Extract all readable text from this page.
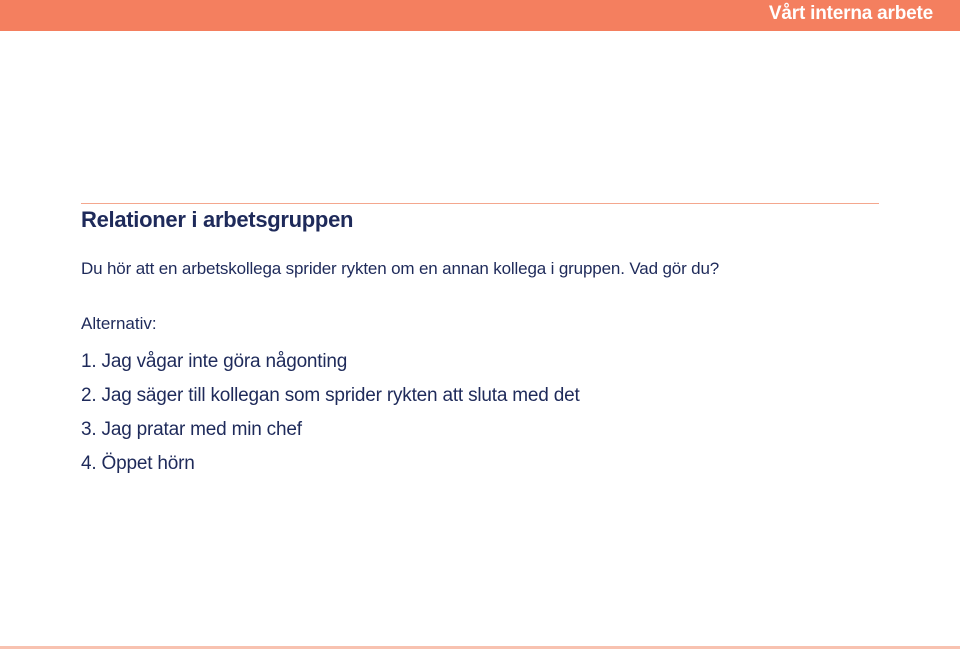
Vårt interna arbete
Relationer i arbetsgruppen
Du hör att en arbetskollega sprider rykten om en annan kollega i gruppen. Vad gör du?
Alternativ:
1. Jag vågar inte göra någonting
2. Jag säger till kollegan som sprider rykten att sluta med det
3. Jag pratar med min chef
4. Öppet hörn
